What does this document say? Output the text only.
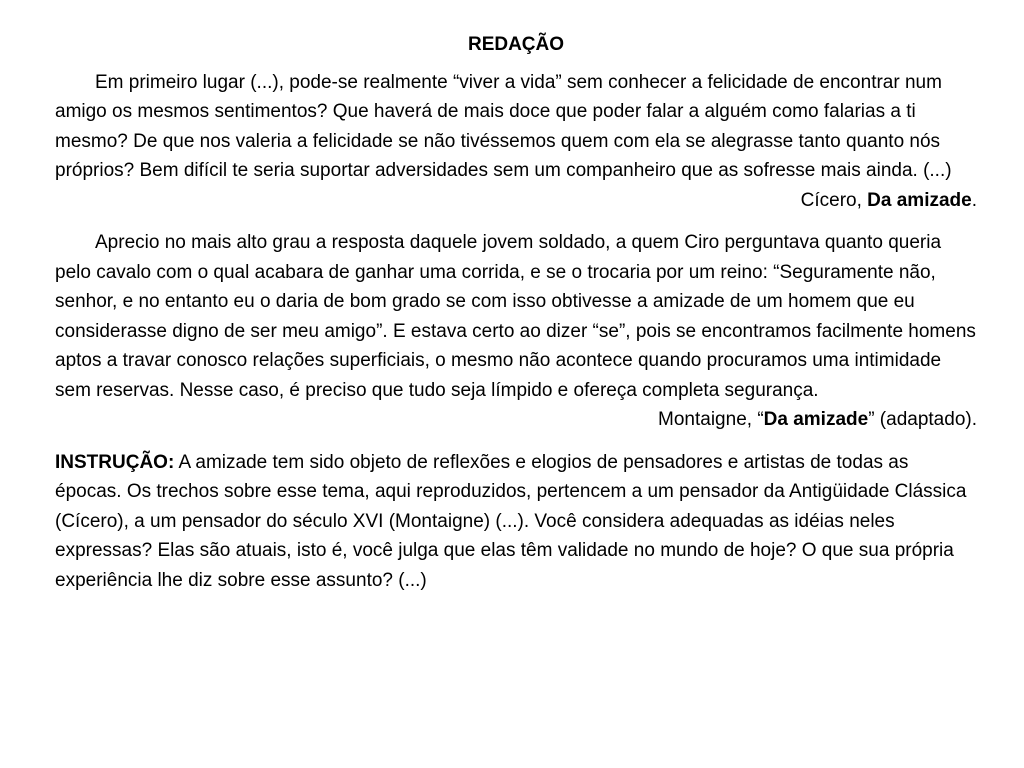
REDAÇÃO

Em primeiro lugar (...), pode-se realmente “viver a vida” sem conhecer a felicidade de encontrar num amigo os mesmos sentimentos? Que haverá de mais doce que poder falar a alguém como falarias a ti mesmo? De que nos valeria a felicidade se não tivéssemos quem com ela se alegrasse tanto quanto nós próprios? Bem difícil te seria suportar adversidades sem um companheiro que as sofresse mais ainda. (...)

Cícero, Da amizade.

Aprecio no mais alto grau a resposta daquele jovem soldado, a quem Ciro perguntava quanto queria pelo cavalo com o qual acabara de ganhar uma corrida, e se o trocaria por um reino: “Seguramente não, senhor, e no entanto eu o daria de bom grado se com isso obtivesse a amizade de um homem que eu considerasse digno de ser meu amigo”. E estava certo ao dizer “se”, pois se encontramos facilmente homens aptos a travar conosco relações superficiais, o mesmo não acontece quando procuramos uma intimidade sem reservas. Nesse caso, é preciso que tudo seja límpido e ofereça completa segurança.

Montaigne, “Da amizade” (adaptado).

INSTRUÇÃO: A amizade tem sido objeto de reflexões e elogios de pensadores e artistas de todas as épocas. Os trechos sobre esse tema, aqui reproduzidos, pertencem a um pensador da Antigüidade Clássica (Cícero), a um pensador do século XVI (Montaigne) (...). Você considera adequadas as idéias neles expressas? Elas são atuais, isto é, você julga que elas têm validade no mundo de hoje? O que sua própria experiência lhe diz sobre esse assunto? (...)
